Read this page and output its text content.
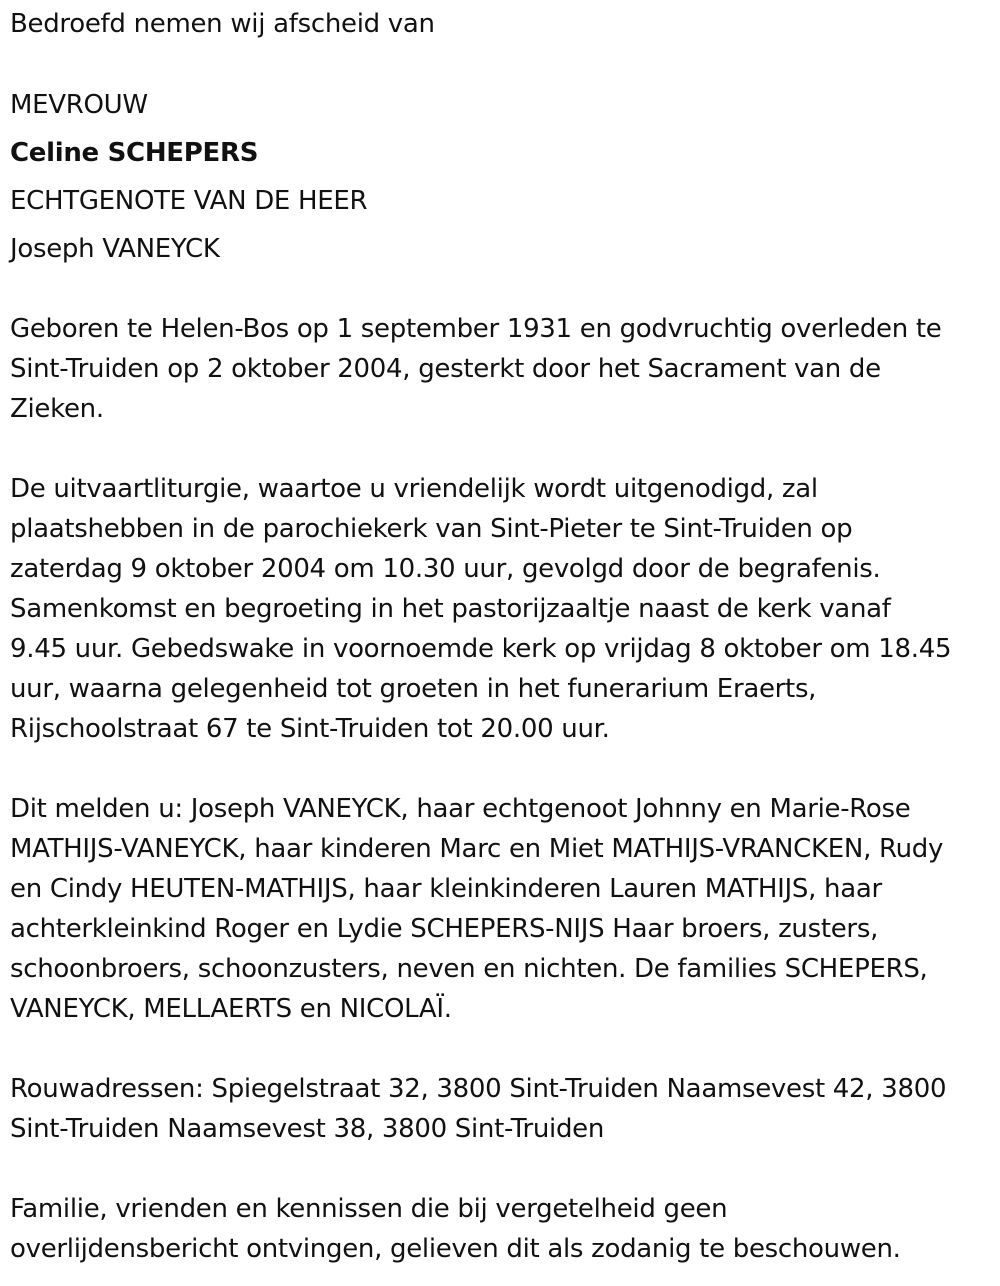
Bedroefd nemen wij afscheid van

MEVROUW

Celine SCHEPERS

ECHTGENOTE VAN DE HEER

Joseph VANEYCK

Geboren te Helen-Bos op 1 september 1931 en godvruchtig overleden te
Sint-Truiden op 2 oktober 2004, gesterkt door het Sacrament van de
Zieken.
De uitvaartliturgie, waartoe u vriendelijk wordt uitgenodigd, zal
plaatshebben in de parochiekerk van Sint-Pieter te Sint-Truiden op
zaterdag 9 oktober 2004 om 10.30 uur, gevolgd door de begrafenis.
Samenkomst en begroeting in het pastorijzaaltje naast de kerk vanaf
9.45 uur. Gebedswake in voornoemde kerk op vrijdag 8 oktober om 18.45
uur, waarna gelegenheid tot groeten in het funerarium Eraerts,
Rijschoolstraat 67 te Sint-Truiden tot 20.00 uur.
Dit melden u: Joseph VANEYCK, haar echtgenoot Johnny en Marie-Rose
MATHIJS-VANEYCK, haar kinderen Marc en Miet MATHIJS-VRANCKEN, Rudy
en Cindy HEUTEN-MATHIJS, haar kleinkinderen Lauren MATHIJS, haar
achterkleinkind Roger en Lydie SCHEPERS-NIJS Haar broers, zusters,
schoonbroers, schoonzusters, neven en nichten. De families SCHEPERS,
VANEYCK, MELLAERTS en NICOLAÏ.
Rouwadressen: Spiegelstraat 32, 3800 Sint-Truiden Naamsevest 42, 3800
Sint-Truiden Naamsevest 38, 3800 Sint-Truiden
Familie, vrienden en kennissen die bij vergetelheid geen
overlijdensbericht ontvingen, gelieven dit als zodanig te beschouwen.
